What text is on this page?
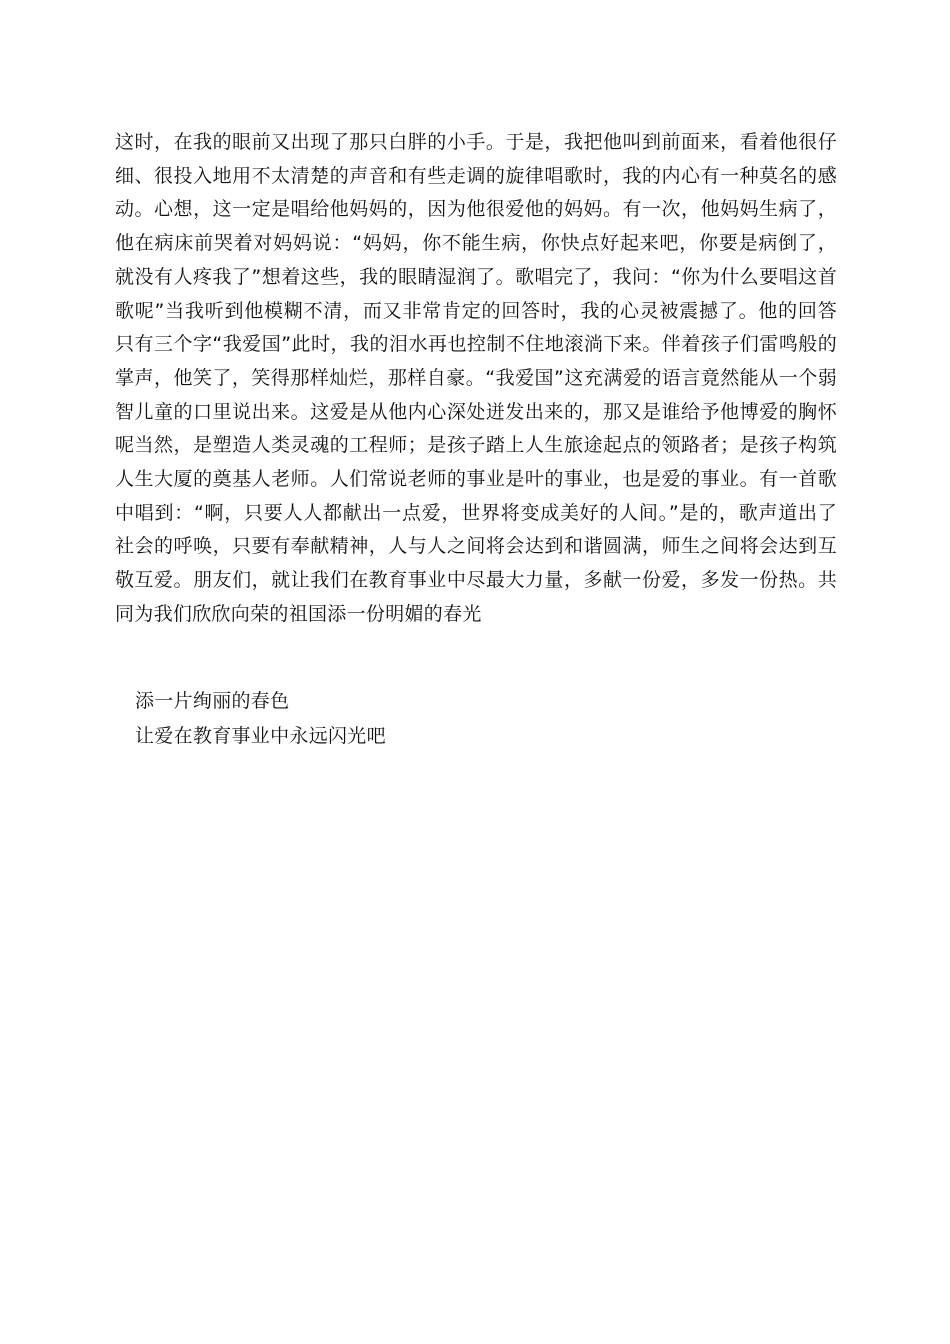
这时，在我的眼前又出现了那只白胖的小手。于是，我把他叫到前面来，看着他很仔细、很投入地用不太清楚的声音和有些走调的旋律唱歌时，我的内心有一种莫名的感动。心想，这一定是唱给他妈妈的，因为他很爱他的妈妈。有一次，他妈妈生病了，他在病床前哭着对妈妈说：“妈妈，你不能生病，你快点好起来吧，你要是病倒了，就没有人疼我了”想着这些，我的眼睛湿润了。歌唱完了，我问：“你为什么要唱这首歌呢”当我听到他模糊不清，而又非常肯定的回答时，我的心灵被震撼了。他的回答只有三个字“我爱国”此时，我的泪水再也控制不住地滚淌下来。伴着孩子们雷鸣般的掌声，他笑了，笑得那样灿烂，那样自豪。“我爱国”这充满爱的语言竟然能从一个弱智儿童的口里说出来。这爱是从他内心深处迸发出来的，那又是谁给予他博爱的胸怀呢当然，是塑造人类灵魂的工程师；是孩子踏上人生旅途起点的领路者；是孩子构筑人生大厦的奠基人老师。人们常说老师的事业是叶的事业，也是爱的事业。有一首歌中唱到：“啊，只要人人都献出一点爱，世界将变成美好的人间。”是的，歌声道出了社会的呼唤，只要有奉献精神，人与人之间将会达到和谐圆满，师生之间将会达到互敬互爱。朋友们，就让我们在教育事业中尽最大力量，多献一份爱，多发一份热。共同为我们欣欣向荣的祖国添一份明媚的春光

添一片绚丽的春色

让爱在教育事业中永远闪光吧
